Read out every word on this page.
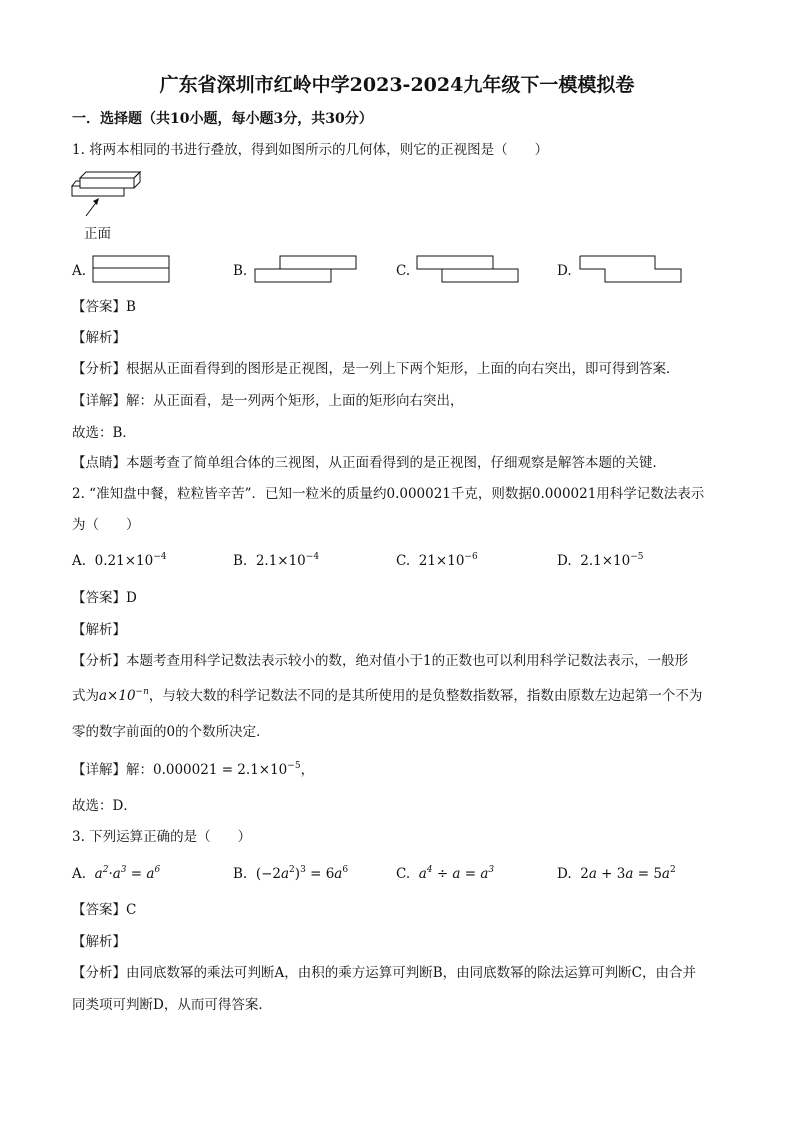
广东省深圳市红岭中学2023-2024九年级下一模模拟卷
一．选择题（共10小题，每小题3分，共30分）
1. 将两本相同的书进行叠放，得到如图所示的几何体，则它的正视图是（　　）
正面
A.	B.	C.	D.
【答案】B
【解析】
【分析】根据从正面看得到的图形是正视图，是一列上下两个矩形，上面的向右突出，即可得到答案．
【详解】解：从正面看，是一列两个矩形，上面的矩形向右突出，
故选：B．
【点睛】本题考查了简单组合体的三视图，从正面看得到的是正视图，仔细观察是解答本题的关键．
2. “准知盘中餐，粒粒皆辛苦”．已知一粒米的质量约0.000021千克，则数据0.000021用科学记数法表示
为（　　）
A. $0.21\times 10^{-4}$	B. $2.1\times 10^{-4}$	C. $21\times 10^{-6}$	D. $2.1\times 10^{-5}$
【答案】D
【解析】
【分析】本题考查用科学记数法表示较小的数，绝对值小于1的正数也可以利用科学记数法表示，一般形
式为$a\times 10^{-n}$，与较大数的科学记数法不同的是其所使用的是负整数指数幂，指数由原数左边起第一个不为
零的数字前面的0的个数所决定．
【详解】解：$0.000021 = 2.1\times 10^{-5}$，
故选：D．
3. 下列运算正确的是（　　）
A. $a^2\cdot a^3 = a^6$	B. $(-2a^2)^3 = 6a^6$	C. $a^4 \div a = a^3$	D. $2a + 3a = 5a^2$
【答案】C
【解析】
【分析】由同底数幂的乘法可判断A，由积的乘方运算可判断B，由同底数幂的除法运算可判断C，由合并
同类项可判断D，从而可得答案．
